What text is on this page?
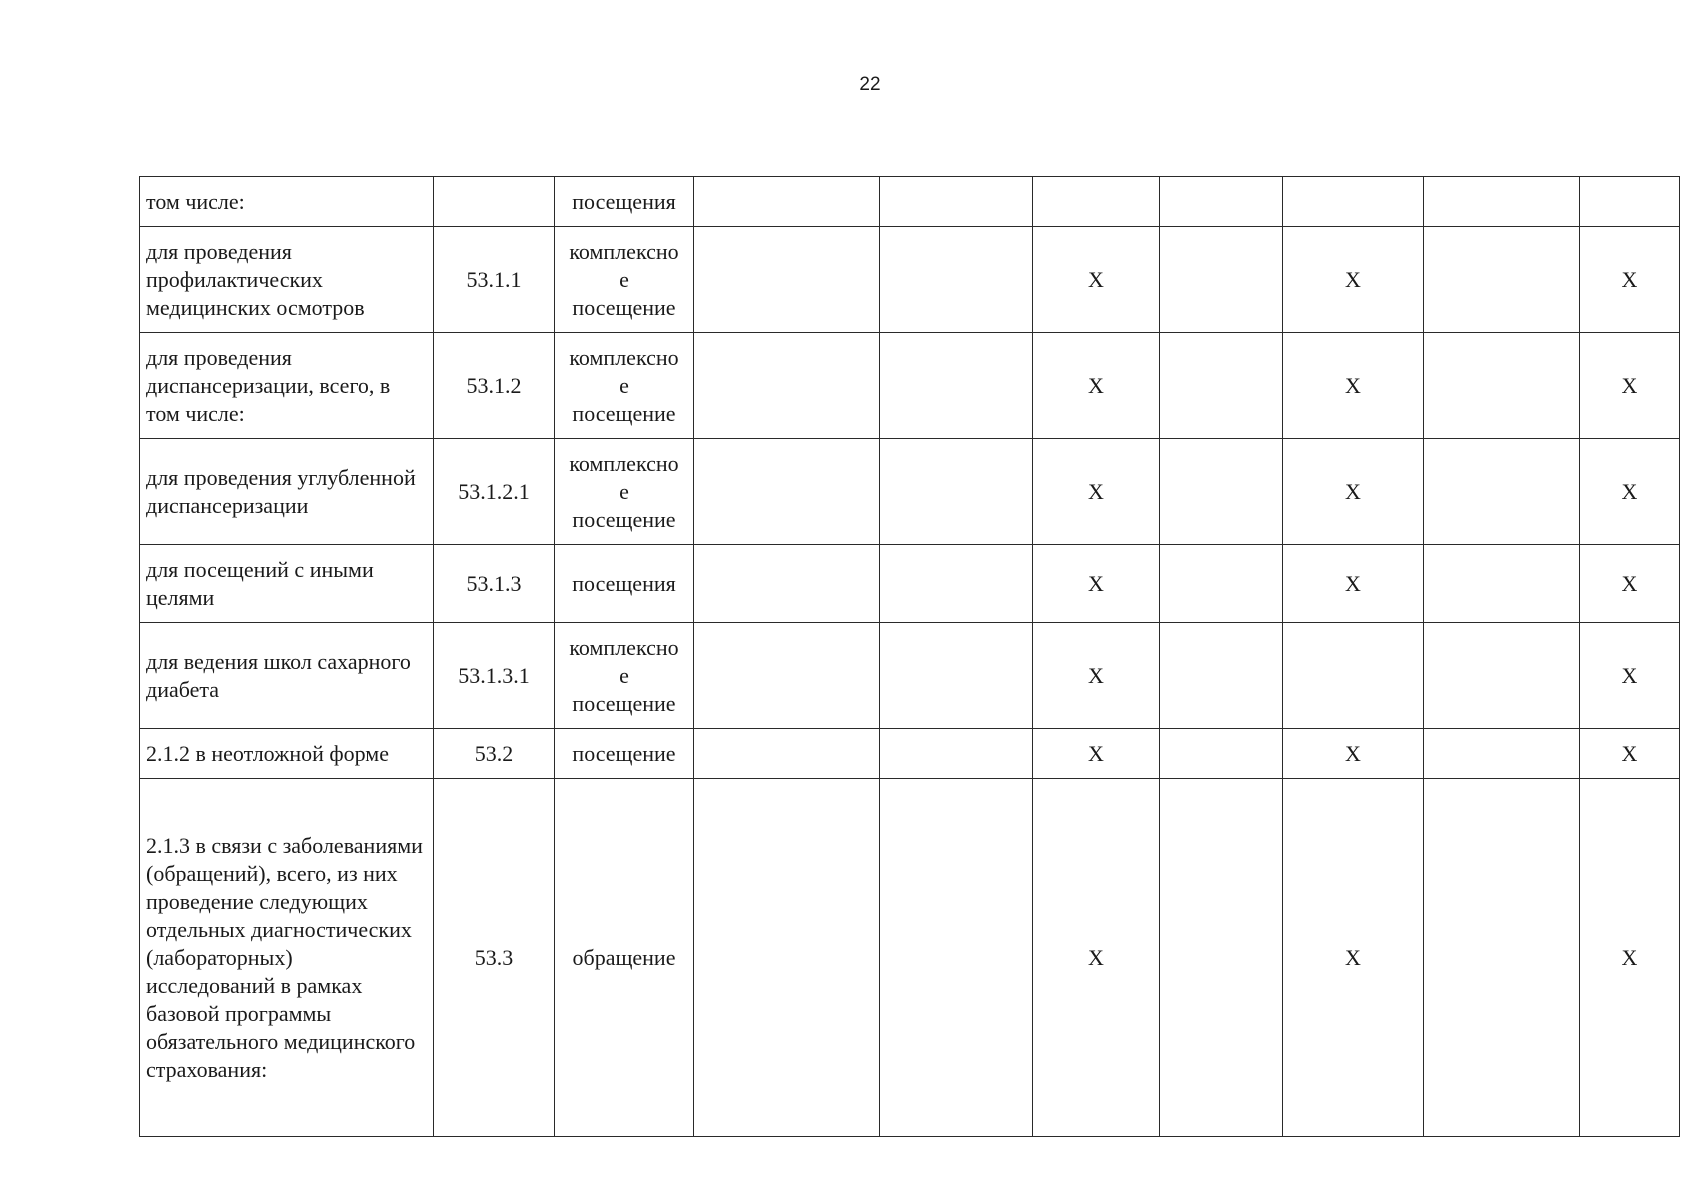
22
том числе:		посещения							

для проведения профилактических медицинских осмотров	53.1.1	комплексно
е
посещение			Х		Х		Х
для проведения диспансеризации, всего, в том числе:	53.1.2	комплексно
е
посещение			Х		Х		Х
для проведения углубленной диспансеризации	53.1.2.1	комплексно
е
посещение			Х		Х		Х
для посещений с иными целями	53.1.3	посещения			Х		Х		Х
для ведения школ сахарного диабета	53.1.3.1	комплексно
е
посещение			Х				Х
2.1.2 в неотложной форме	53.2	посещение			Х		Х		Х
2.1.3 в связи с заболеваниями (обращений), всего, из них проведение следующих отдельных диагностических (лабораторных) исследований в рамках базовой программы обязательного медицинского страхования:	53.3	обращение			Х		Х		Х
